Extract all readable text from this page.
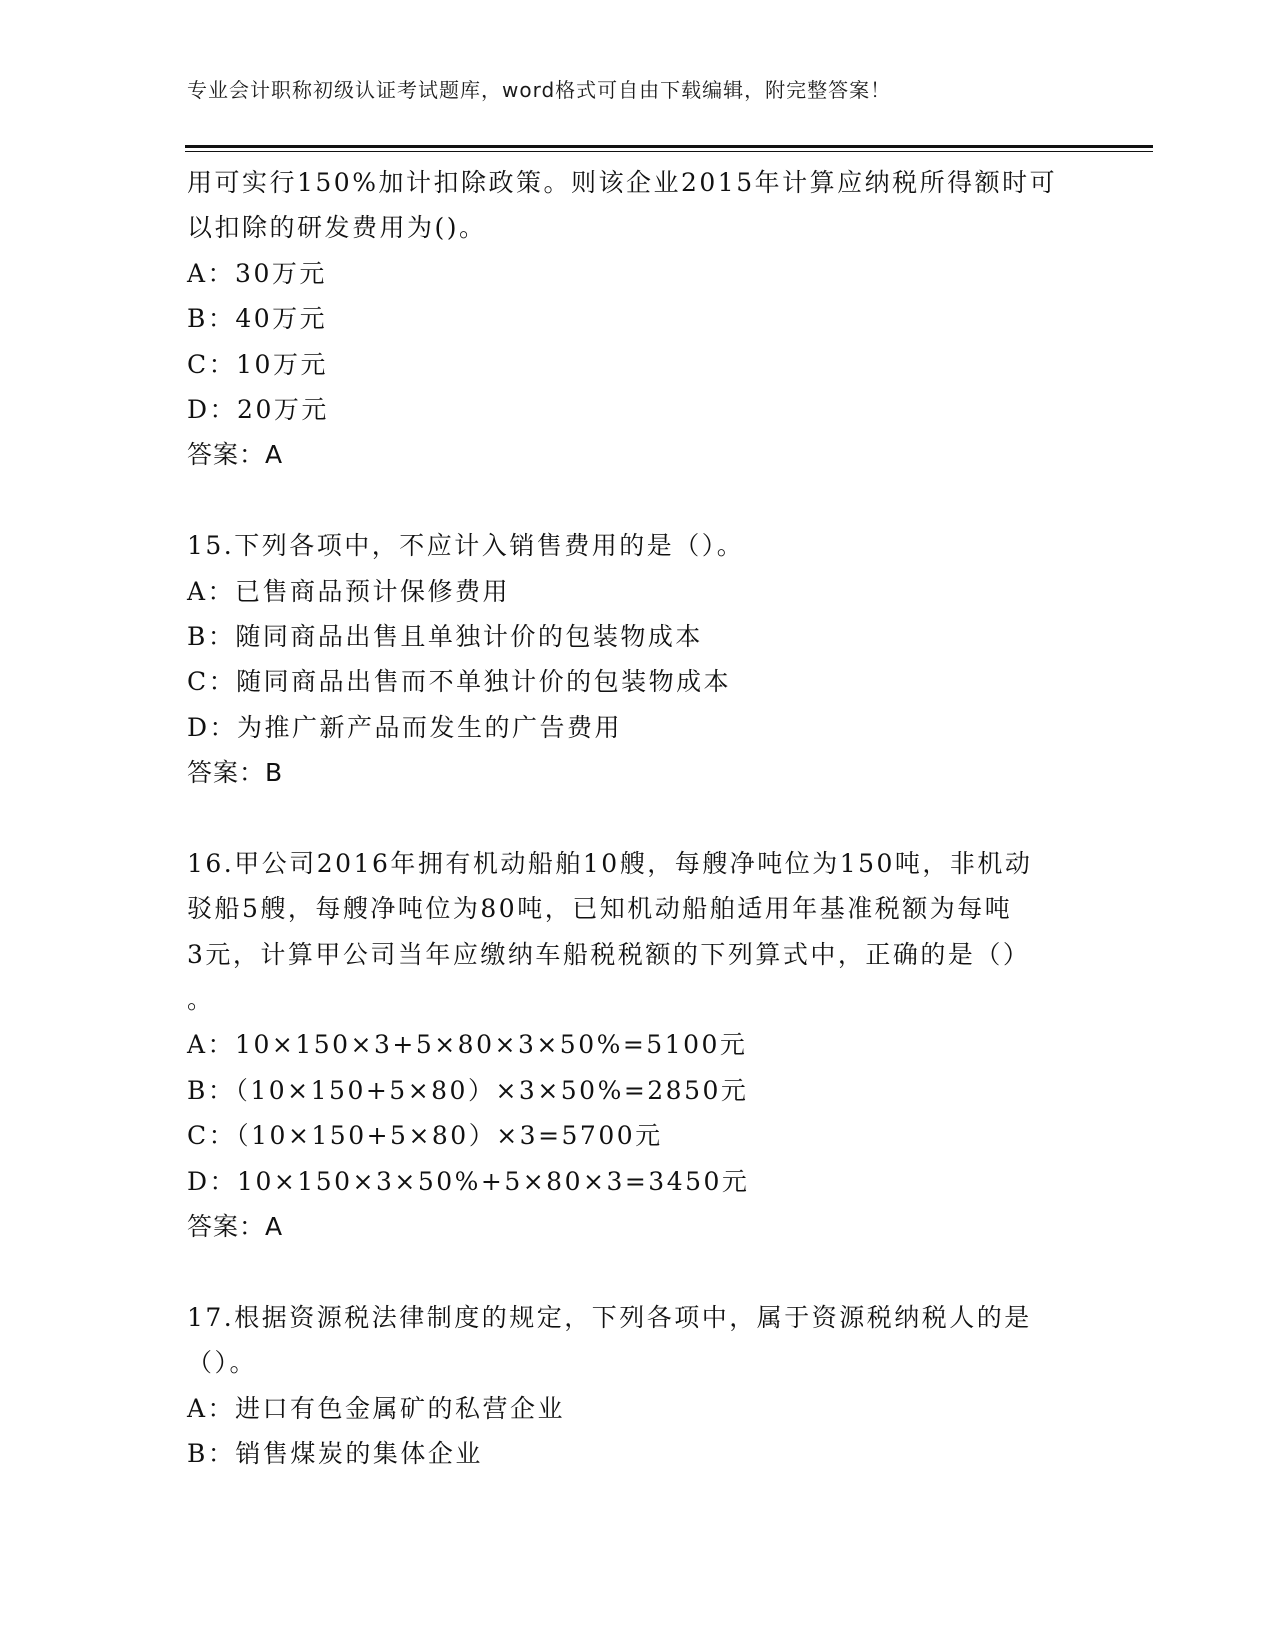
专业会计职称初级认证考试题库，word格式可自由下载编辑，附完整答案！
用可实行150%加计扣除政策。则该企业2015年计算应纳税所得额时可
以扣除的研发费用为()。
A：30万元
B：40万元
C：10万元
D：20万元
答案：A
15.下列各项中，不应计入销售费用的是（）。
A：已售商品预计保修费用
B：随同商品出售且单独计价的包装物成本
C：随同商品出售而不单独计价的包装物成本
D：为推广新产品而发生的广告费用
答案：B
16.甲公司2016年拥有机动船舶10艘，每艘净吨位为150吨，非机动
驳船5艘，每艘净吨位为80吨，已知机动船舶适用年基准税额为每吨
3元，计算甲公司当年应缴纳车船税税额的下列算式中，正确的是（）
。
A：10×150×3+5×80×3×50%=5100元
B：（10×150+5×80）×3×50%=2850元
C：（10×150+5×80）×3=5700元
D：10×150×3×50%+5×80×3=3450元
答案：A
17.根据资源税法律制度的规定，下列各项中，属于资源税纳税人的是
（）。
A：进口有色金属矿的私营企业
B：销售煤炭的集体企业
